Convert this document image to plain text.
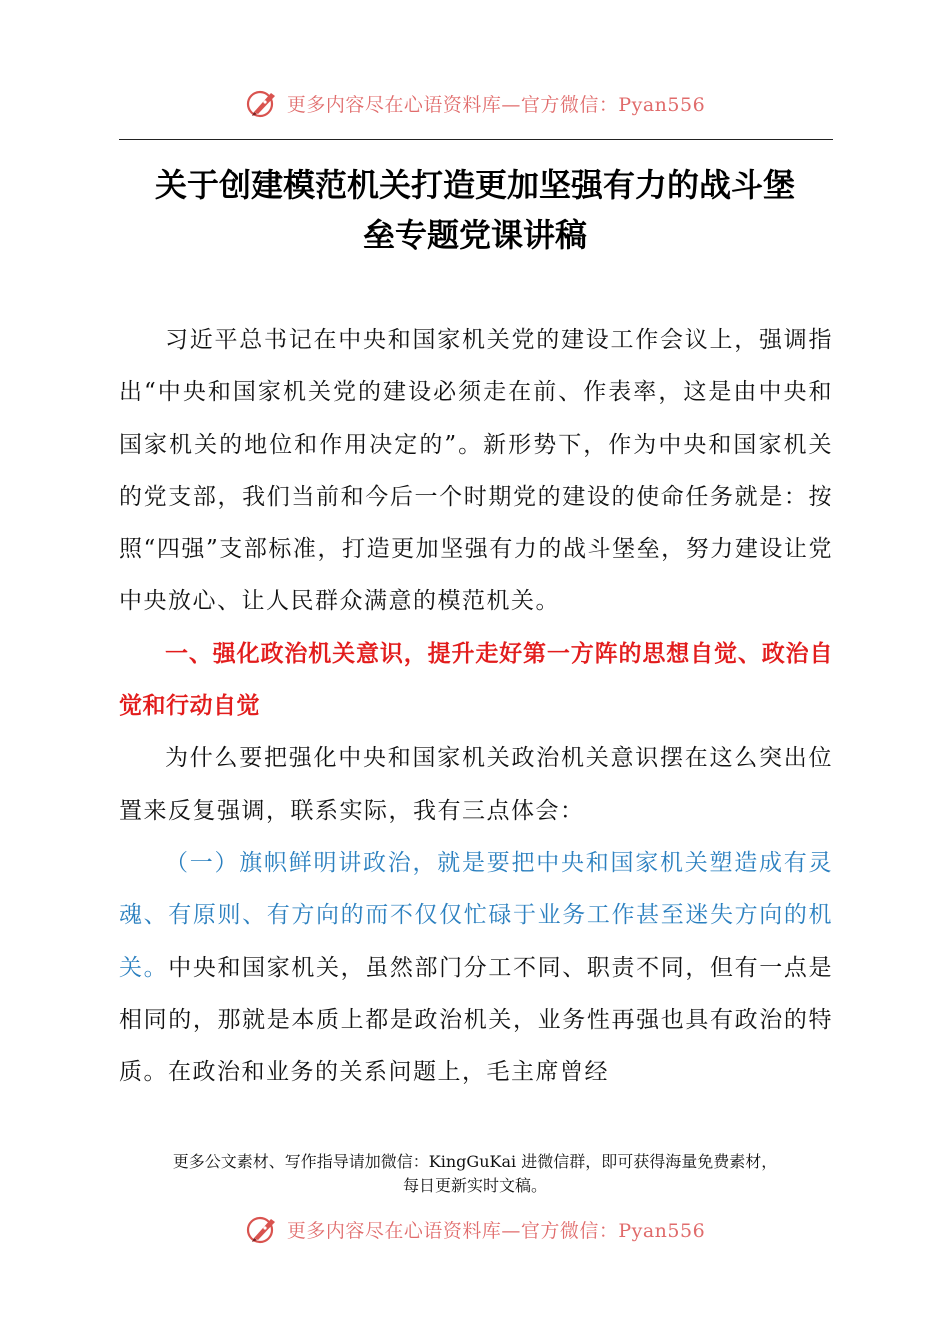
更多内容尽在心语资料库—官方微信：Pyan556
关于创建模范机关打造更加坚强有力的战斗堡
垒专题党课讲稿

习近平总书记在中央和国家机关党的建设工作会议上，强调指出“中央和国家机关党的建设必须走在前、作表率，这是由中央和国家机关的地位和作用决定的”。新形势下，作为中央和国家机关的党支部，我们当前和今后一个时期党的建设的使命任务就是：按照“四强”支部标准，打造更加坚强有力的战斗堡垒，努力建设让党中央放心、让人民群众满意的模范机关。

一、强化政治机关意识，提升走好第一方阵的思想自觉、政治自觉和行动自觉

为什么要把强化中央和国家机关政治机关意识摆在这么突出位置来反复强调，联系实际，我有三点体会：

（一）旗帜鲜明讲政治，就是要把中央和国家机关塑造成有灵魂、有原则、有方向的而不仅仅忙碌于业务工作甚至迷失方向的机关。中央和国家机关，虽然部门分工不同、职责不同，但有一点是相同的，那就是本质上都是政治机关，业务性再强也具有政治的特质。在政治和业务的关系问题上，毛主席曾经

更多公文素材、写作指导请加微信：KingGuKai 进微信群，即可获得海量免费素材，
每日更新实时文稿。
更多内容尽在心语资料库—官方微信：Pyan556
